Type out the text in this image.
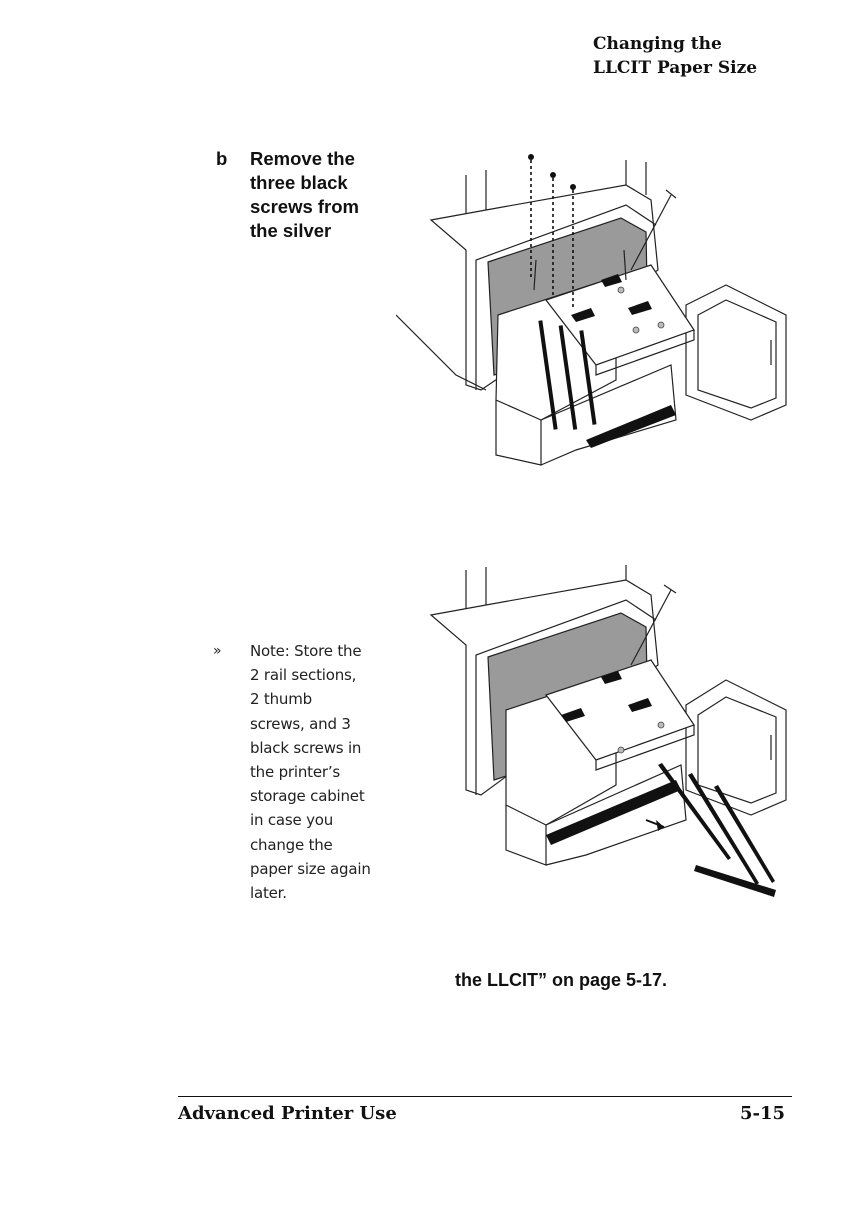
Changing the
LLCIT Paper Size
b Remove the
three black
screws from
the silver
» Note: Store the
2 rail sections,
2 thumb
screws, and 3
black screws in
the printer’s
storage cabinet
in case you
change the
paper size again
later.
the LLCIT” on page 5-17.
Advanced Printer Use	5-15
